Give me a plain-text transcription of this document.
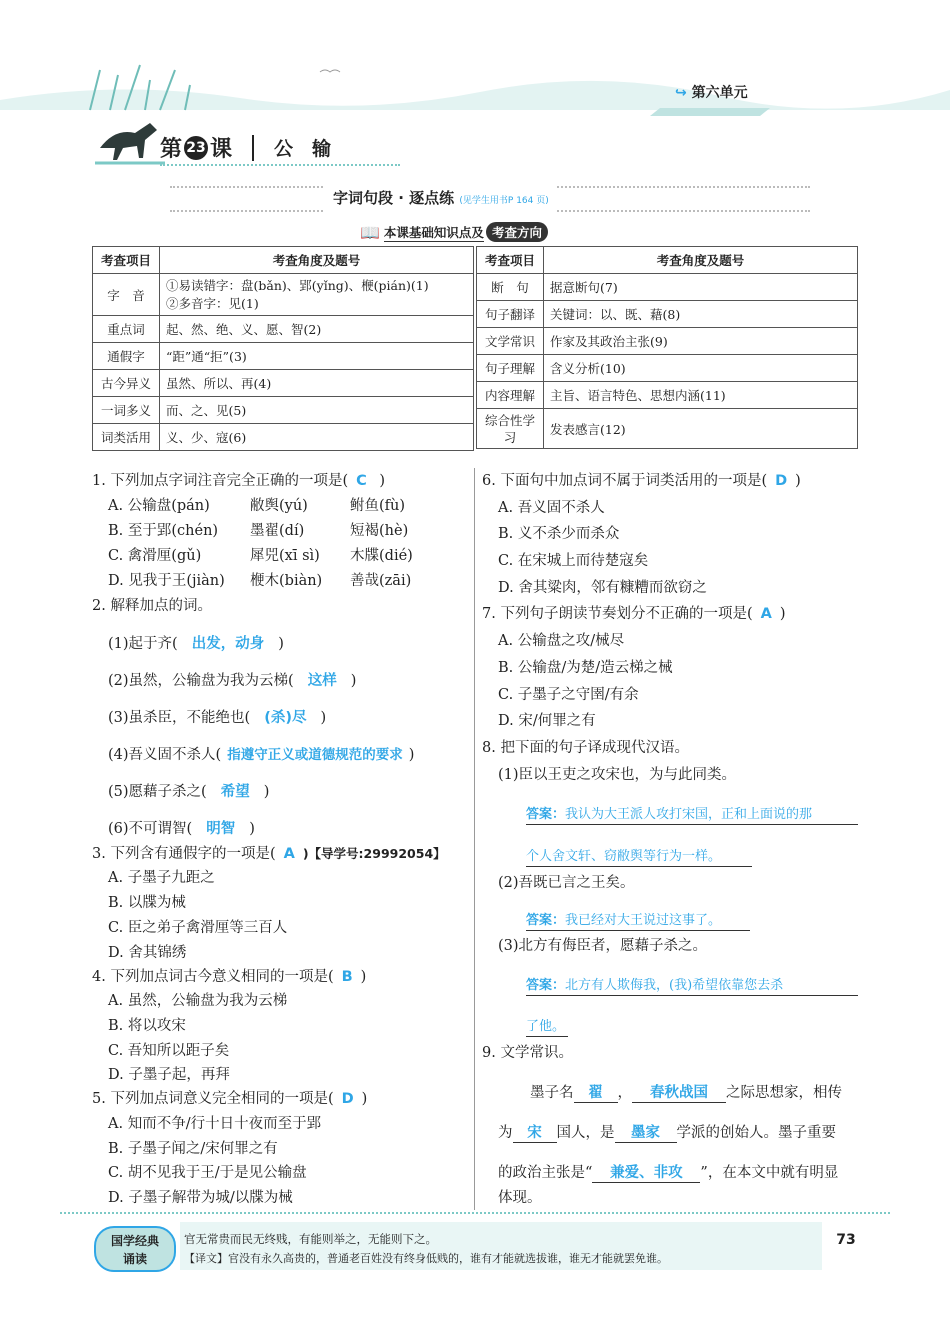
↪ 第六单元
第 23 课 公　输
字词句段 · 逐点练 (见学生用书P 164 页)
📖 本课基础知识点及 考查方向
考查项目	考查角度及题号
字　音	①易读错字：盘(bǎn)、郢(yǐng)、楩(pián)(1)
②多音字：见(1)
重点词	起、然、绝、义、愿、智(2)
通假字	“距”通“拒”(3)
古今异义	虽然、所以、再(4)
一词多义	而、之、见(5)
词类活用	义、少、寇(6)
考查项目	考查角度及题号
断　句	据意断句(7)
句子翻译	关键词：以、既、藉(8)
文学常识	作家及其政治主张(9)
句子理解	含义分析(10)
内容理解	主旨、语言特色、思想内涵(11)
综合性学习	发表感言(12)
1. 下列加点字词注音完全正确的一项是( C )
A. 公输盘(pán)	敝舆(yú)	鲋鱼(fù)
B. 至于郢(chén) 墨翟(dí)	短褐(hè)
C. 禽滑厘(gǔ)	犀兕(xī sì) 木牒(dié)
D. 见我于王(jiàn) 楩木(biàn) 善哉(zāi)
2. 解释加点的词。
(1)起于齐( 出发，动身 )
(2)虽然，公输盘为我为云梯( 这样 )
(3)虽杀臣，不能绝也( (杀)尽 )
(4)吾义固不杀人( 指遵守正义或道德规范的要求 )
(5)愿藉子杀之( 希望 )
(6)不可谓智( 明智 )
3. 下列含有通假字的一项是( A )【导学号:29992054】
A. 子墨子九距之
B. 以牒为械
C. 臣之弟子禽滑厘等三百人
D. 舍其锦绣
4. 下列加点词古今意义相同的一项是( B )
A. 虽然，公输盘为我为云梯
B. 将以攻宋
C. 吾知所以距子矣
D. 子墨子起，再拜
5. 下列加点词意义完全相同的一项是( D )
A. 知而不争/行十日十夜而至于郢
B. 子墨子闻之/宋何罪之有
C. 胡不见我于王/于是见公输盘
D. 子墨子解带为城/以牒为械
6. 下面句中加点词不属于词类活用的一项是( D )
A. 吾义固不杀人
B. 义不杀少而杀众
C. 在宋城上而待楚寇矣
D. 舍其粱肉，邻有糠糟而欲窃之
7. 下列句子朗读节奏划分不正确的一项是( A )
A. 公输盘之攻/械尽
B. 公输盘/为楚/造云梯之械
C. 子墨子之守圉/有余
D. 宋/何罪之有
8. 把下面的句子译成现代汉语。
(1)臣以王吏之攻宋也，为与此同类。
答案：我认为大王派人攻打宋国，正和上面说的那
个人舍文轩、窃敝舆等行为一样。
(2)吾既已言之王矣。
答案：我已经对大王说过这事了。
(3)北方有侮臣者，愿藉子杀之。
答案：北方有人欺侮我，(我)希望依靠您去杀
了他。
9. 文学常识。
墨子名 翟 ， 春秋战国 之际思想家，相传
为 宋 国人，是 墨家 学派的创始人。墨子重要
的政治主张是“ 兼爱、非攻 ”，在本文中就有明显
体现。
国学经典
诵读
官无常贵而民无终贱，有能则举之，无能则下之。
【译文】官没有永久高贵的，普通老百姓没有终身低贱的，谁有才能就选拔谁，谁无才能就罢免谁。
73
